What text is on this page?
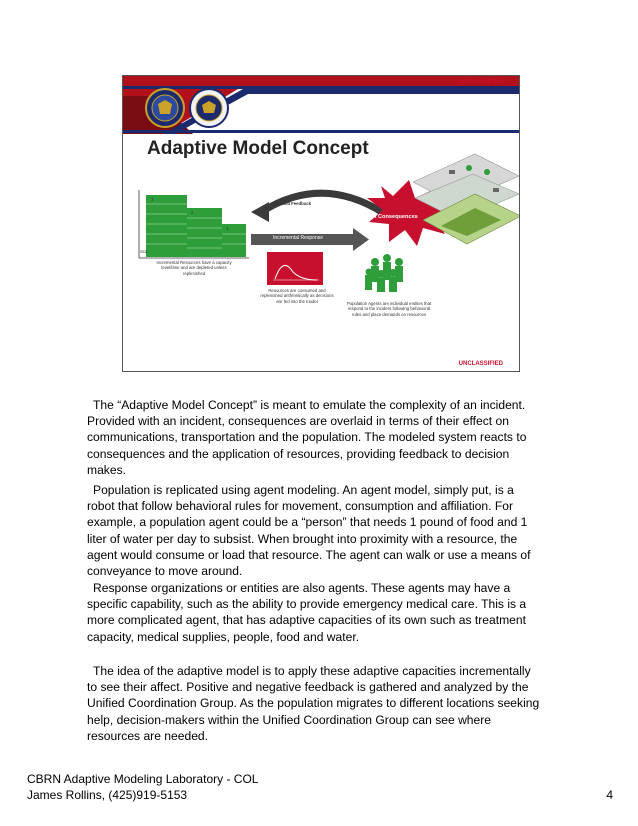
UNCLASSIFIED
Adaptive Model Concept
Demand Feedback
Incident Consequences
Incremental Response
Sca
3
2
1
Incremental Resources have a capacity level/time and are depleted unless replenished
Resources are consumed and replenished arithmetically as decisions are fed into the model	Population Agents are individual entities that respond to the incident following behavioral rules and place demands on resources
UNCLASSIFIED
The “Adaptive Model Concept” is meant to emulate the complexity of an incident. Provided with an incident, consequences are overlaid in terms of their effect on communications, transportation and the population. The modeled system reacts to consequences and the application of resources, providing feedback to decision makes.
Population is replicated using agent modeling. An agent model, simply put, is a robot that follow behavioral rules for movement, consumption and affiliation. For example, a population agent could be a “person” that needs 1 pound of food and 1 liter of water per day to subsist. When brought into proximity with a resource, the agent would consume or load that resource. The agent can walk or use a means of conveyance to move around.
Response organizations or entities are also agents. These agents may have a specific capability, such as the ability to provide emergency medical care. This is a more complicated agent, that has adaptive capacities of its own such as treatment capacity, medical supplies, people, food and water.
The idea of the adaptive model is to apply these adaptive capacities incrementally to see their affect. Positive and negative feedback is gathered and analyzed by the Unified Coordination Group. As the population migrates to different locations seeking help, decision-makers within the Unified Coordination Group can see where resources are needed.
CBRN Adaptive Modeling Laboratory - COL
James Rollins, (425)919-5153	4
